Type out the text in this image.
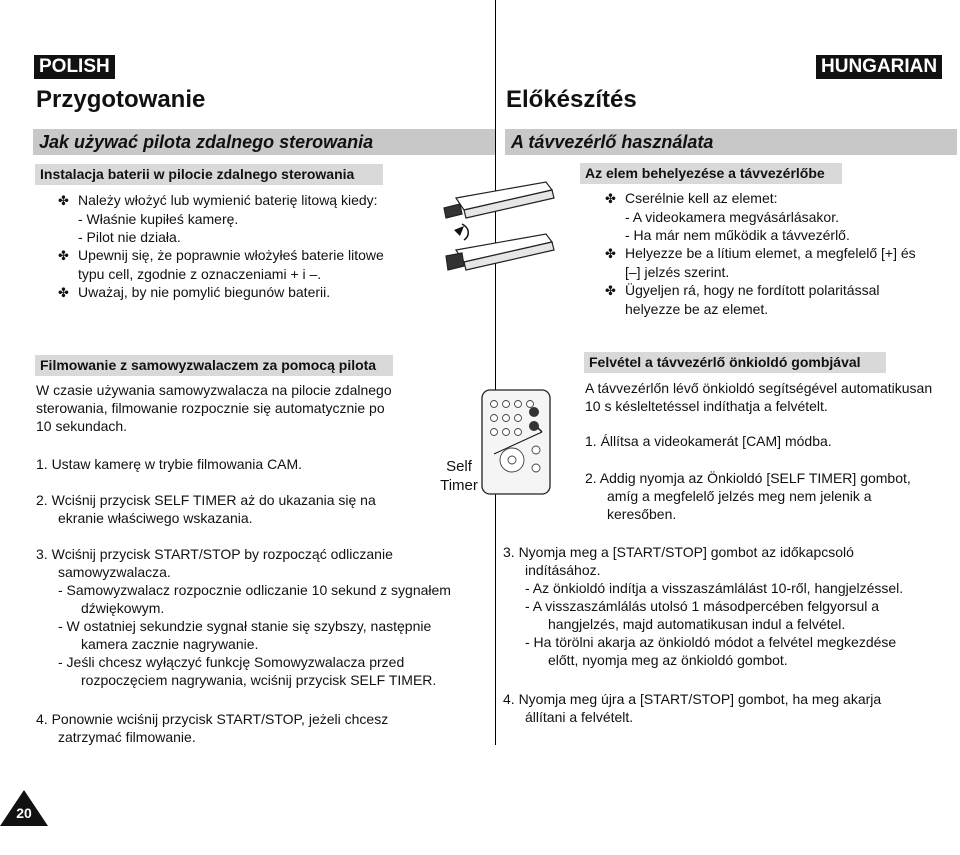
POLISH	HUNGARIAN
Przygotowanie	Előkészítés
Jak używać pilota zdalnego sterowania	A távvezérlő használata
Instalacja baterii w pilocie zdalnego sterowania
✤ Należy włożyć lub wymienić baterię litową kiedy:
- Właśnie kupiłeś kamerę.
- Pilot nie działa.
✤ Upewnij się, że poprawnie włożyłeś baterie litowe
typu cell, zgodnie z oznaczeniami + i –.
✤ Uważaj, by nie pomylić biegunów baterii.
Az elem behelyezése a távvezérlőbe
✤ Cserélnie kell az elemet:
- A videokamera megvásárlásakor.
- Ha már nem működik a távvezérlő.
✤ Helyezze be a lítium elemet, a megfelelő [+] és
[–] jelzés szerint.
✤ Ügyeljen rá, hogy ne fordított polaritással
helyezze be az elemet.
Filmowanie z samowyzwalaczem za pomocą pilota
W czasie używania samowyzwalacza na pilocie zdalnego
sterowania, filmowanie rozpocznie się automatycznie po
10 sekundach.
1. Ustaw kamerę w trybie filmowania CAM.
2. Wciśnij przycisk SELF TIMER aż do ukazania się na
ekranie właściwego wskazania.
3. Wciśnij przycisk START/STOP by rozpocząć odliczanie
samowyzwalacza.
- Samowyzwalacz rozpocznie odliczanie 10 sekund z sygnałem
dźwiękowym.
- W ostatniej sekundzie sygnał stanie się szybszy, następnie
kamera zacznie nagrywanie.
- Jeśli chcesz wyłączyć funkcję Somowyzwalacza przed
rozpoczęciem nagrywania, wciśnij przycisk SELF TIMER.
4. Ponownie wciśnij przycisk START/STOP, jeżeli chcesz
zatrzymać filmowanie.
Self
Timer
Felvétel a távvezérlő önkioldó gombjával
A távvezérlőn lévő önkioldó segítségével automatikusan
10 s késleltetéssel indíthatja a felvételt.
1. Állítsa a videokamerát [CAM] módba.
2. Addig nyomja az Önkioldó [SELF TIMER] gombot,
amíg a megfelelő jelzés meg nem jelenik a
keresőben.
3. Nyomja meg a [START/STOP] gombot az időkapcsoló
indításához.
- Az önkioldó indítja a visszaszámlálást 10-ről, hangjelzéssel.
- A visszaszámlálás utolsó 1 másodpercében felgyorsul a
hangjelzés, majd automatikusan indul a felvétel.
- Ha törölni akarja az önkioldó módot a felvétel megkezdése
előtt, nyomja meg az önkioldó gombot.
4. Nyomja meg újra a [START/STOP] gombot, ha meg akarja
állítani a felvételt.
20
